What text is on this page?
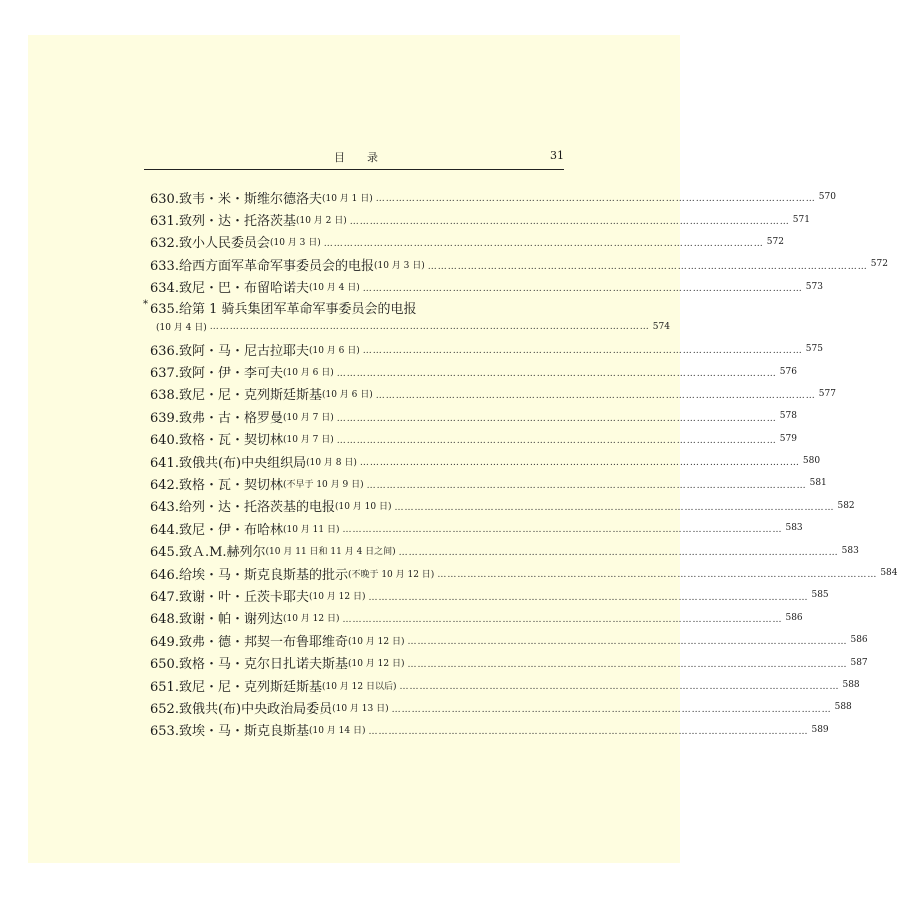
目　　录	31
630.致韦・米・斯维尔德洛夫 (10 月 1 日) ……………………………………………………………………………………………………………………	570
631.致列・达・托洛茨基 (10 月 2 日) ……………………………………………………………………………………………………………………	571
632.致小人民委员会 (10 月 3 日) ……………………………………………………………………………………………………………………	572
633.给西方面军革命军事委员会的电报 (10 月 3 日) ……………………………………………………………………………………………………………………	572
634.致尼・巴・布留哈诺夫 (10 月 4 日) ……………………………………………………………………………………………………………………	573
* 635.给第 1 骑兵集团军革命军事委员会的电报
(10 月 4 日) ……………………………………………………………………………………………………………………	574
636.致阿・马・尼古拉耶夫 (10 月 6 日) ……………………………………………………………………………………………………………………	575
637.致阿・伊・李可夫 (10 月 6 日) ……………………………………………………………………………………………………………………	576
638.致尼・尼・克列斯廷斯基 (10 月 6 日) ……………………………………………………………………………………………………………………	577
639.致弗・古・格罗曼 (10 月 7 日) ……………………………………………………………………………………………………………………	578
640.致格・瓦・契切林 (10 月 7 日) ……………………………………………………………………………………………………………………	579
641.致俄共(布)中央组织局 (10 月 8 日) ……………………………………………………………………………………………………………………	580
642.致格・瓦・契切林 (不早于 10 月 9 日) ……………………………………………………………………………………………………………………	581
643.给列・达・托洛茨基的电报 (10 月 10 日) ……………………………………………………………………………………………………………………	582
644.致尼・伊・布哈林 (10 月 11 日) ……………………………………………………………………………………………………………………	583
645.致Ａ.М.赫列尔 (10 月 11 日和 11 月 4 日之间) ……………………………………………………………………………………………………………………	583
646.给埃・马・斯克良斯基的批示 (不晚于 10 月 12 日) ……………………………………………………………………………………………………………………	584
647.致谢・叶・丘茨卡耶夫 (10 月 12 日) ……………………………………………………………………………………………………………………	585
648.致谢・帕・谢列达 (10 月 12 日) ……………………………………………………………………………………………………………………	586
649.致弗・德・邦契一布鲁耶维奇 (10 月 12 日) ……………………………………………………………………………………………………………………	586
650.致格・马・克尔日扎诺夫斯基 (10 月 12 日) ……………………………………………………………………………………………………………………	587
651.致尼・尼・克列斯廷斯基 (10 月 12 日以后) ……………………………………………………………………………………………………………………	588
652.致俄共(布)中央政治局委员 (10 月 13 日) ……………………………………………………………………………………………………………………	588
653.致埃・马・斯克良斯基 (10 月 14 日) ……………………………………………………………………………………………………………………	589
